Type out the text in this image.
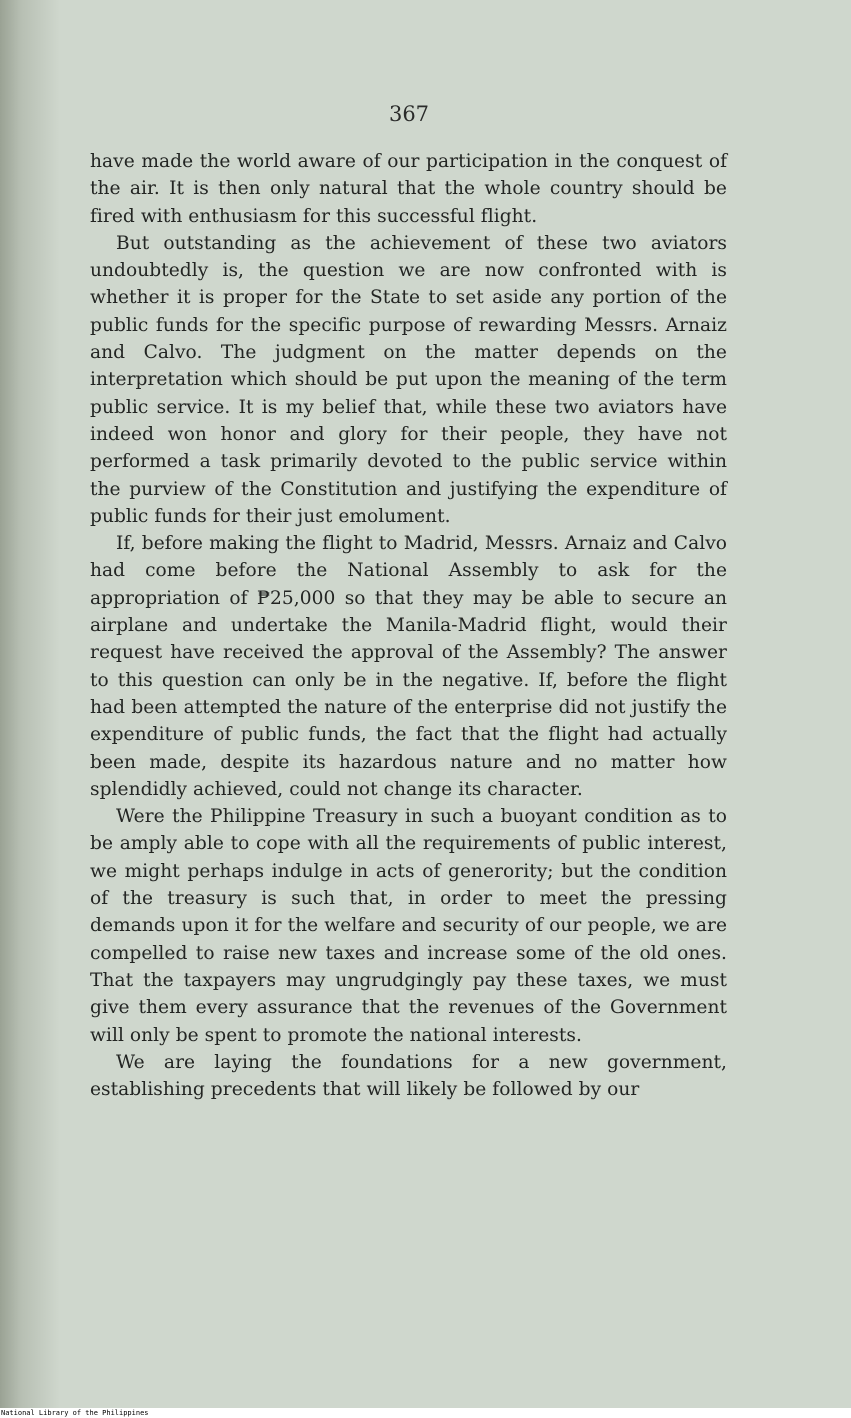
367

have made the world aware of our participation in the conquest of the air. It is then only natural that the whole country should be fired with enthusiasm for this successful flight.

But outstanding as the achievement of these two aviators undoubtedly is, the question we are now confronted with is whether it is proper for the State to set aside any portion of the public funds for the specific purpose of rewarding Messrs. Arnaiz and Calvo. The judgment on the matter depends on the interpretation which should be put upon the meaning of the term public service. It is my belief that, while these two aviators have indeed won honor and glory for their people, they have not performed a task primarily devoted to the public service within the purview of the Constitution and justifying the expenditure of public funds for their just emolument.

If, before making the flight to Madrid, Messrs. Arnaiz and Calvo had come before the National Assembly to ask for the appropriation of ₱25,000 so that they may be able to secure an airplane and undertake the Manila-Madrid flight, would their request have received the approval of the Assembly? The answer to this question can only be in the negative. If, before the flight had been attempted the nature of the enterprise did not justify the expenditure of public funds, the fact that the flight had actually been made, despite its hazardous nature and no matter how splendidly achieved, could not change its character.

Were the Philippine Treasury in such a buoyant condition as to be amply able to cope with all the requirements of public interest, we might perhaps indulge in acts of generority; but the condition of the treasury is such that, in order to meet the pressing demands upon it for the welfare and security of our people, we are compelled to raise new taxes and increase some of the old ones. That the taxpayers may ungrudgingly pay these taxes, we must give them every assurance that the revenues of the Government will only be spent to promote the national interests.

We are laying the foundations for a new government, establishing precedents that will likely be followed by our

National Library of the Philippines
